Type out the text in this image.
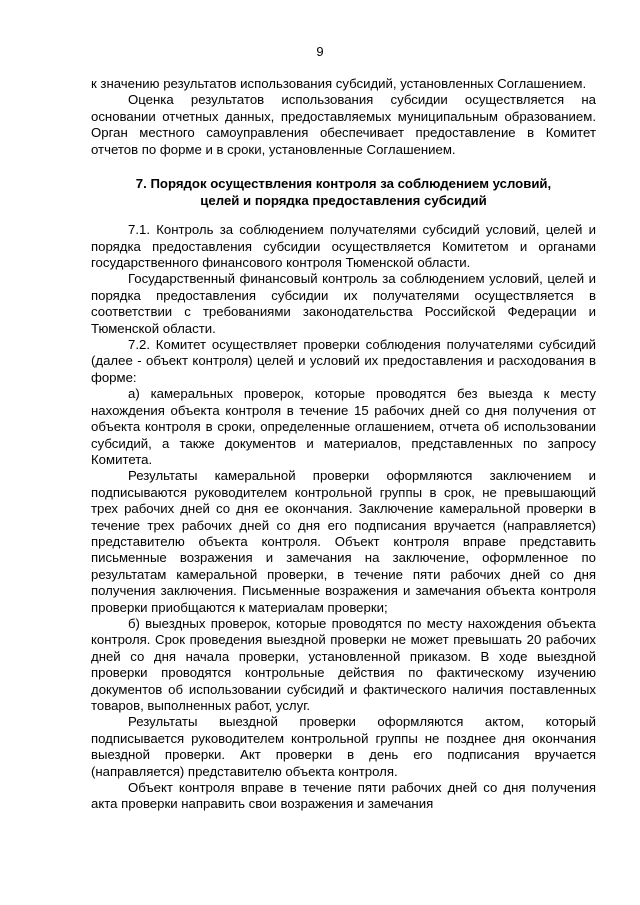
9

к значению результатов использования субсидий, установленных Соглашением.

Оценка результатов использования субсидии осуществляется на основании отчетных данных, предоставляемых муниципальным образованием. Орган местного самоуправления обеспечивает предоставление в Комитет отчетов по форме и в сроки, установленные Соглашением.

7. Порядок осуществления контроля за соблюдением условий,
целей и порядка предоставления субсидий

7.1. Контроль за соблюдением получателями субсидий условий, целей и порядка предоставления субсидии осуществляется Комитетом и органами государственного финансового контроля Тюменской области.

Государственный финансовый контроль за соблюдением условий, целей и порядка предоставления субсидии их получателями осуществляется в соответствии с требованиями законодательства Российской Федерации и Тюменской области.

7.2. Комитет осуществляет проверки соблюдения получателями субсидий (далее - объект контроля) целей и условий их предоставления и расходования в форме:

а) камеральных проверок, которые проводятся без выезда к месту нахождения объекта контроля в течение 15 рабочих дней со дня получения от объекта контроля в сроки, определенные оглашением, отчета об использовании субсидий, а также документов и материалов, представленных по запросу Комитета.

Результаты камеральной проверки оформляются заключением и подписываются руководителем контрольной группы в срок, не превышающий трех рабочих дней со дня ее окончания. Заключение камеральной проверки в течение трех рабочих дней со дня его подписания вручается (направляется) представителю объекта контроля. Объект контроля вправе представить письменные возражения и замечания на заключение, оформленное по результатам камеральной проверки, в течение пяти рабочих дней со дня получения заключения. Письменные возражения и замечания объекта контроля проверки приобщаются к материалам проверки;

б) выездных проверок, которые проводятся по месту нахождения объекта контроля. Срок проведения выездной проверки не может превышать 20 рабочих дней со дня начала проверки, установленной приказом. В ходе выездной проверки проводятся контрольные действия по фактическому изучению документов об использовании субсидий и фактического наличия поставленных товаров, выполненных работ, услуг.

Результаты выездной проверки оформляются актом, который подписывается руководителем контрольной группы не позднее дня окончания выездной проверки. Акт проверки в день его подписания вручается (направляется) представителю объекта контроля.

Объект контроля вправе в течение пяти рабочих дней со дня получения акта проверки направить свои возражения и замечания
